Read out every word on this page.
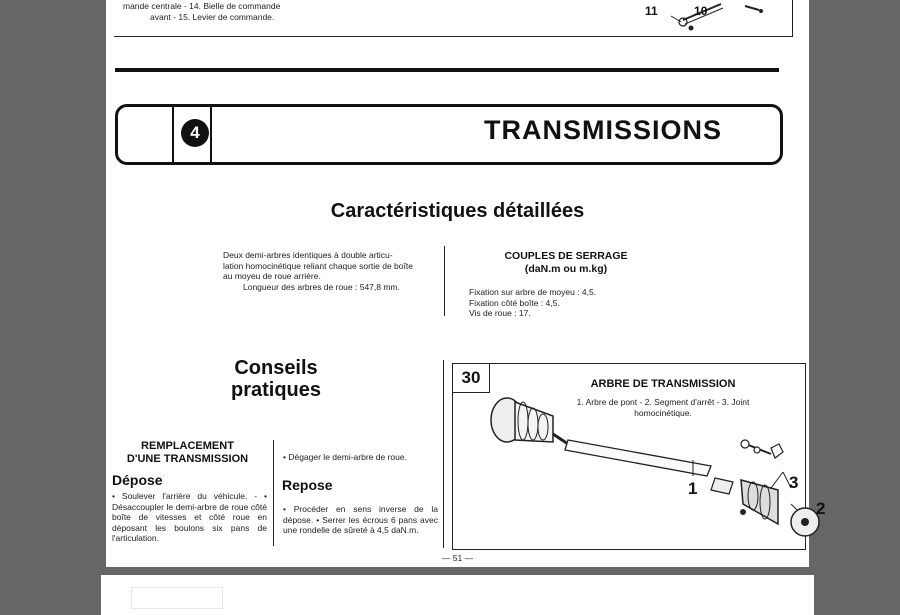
mande centrale - 14. Bielle de commande
avant - 15. Levier de commande.	11	10
4	TRANSMISSIONS
Caractéristiques détaillées
Deux demi-arbres identiques à double articu-
lation homocinétique reliant chaque sortie de boîte
au moyeu de roue arrière.
Longueur des arbres de roue : 547,8 mm.
COUPLES DE SERRAGE
(daN.m ou m.kg)
Fixation sur arbre de moyeu : 4,5.
Fixation côté boîte : 4,5.
Vis de roue : 17.
Conseils
pratiques
REMPLACEMENT
D'UNE TRANSMISSION
Dépose
• Soulever l'arrière du véhicule. - • Désaccoupler le demi-arbre de roue côté boîte de vitesses et côté roue en déposant les boulons six pans de l'articulation.
• Dégager le demi-arbre de roue.
Repose
• Procéder en sens inverse de la dépose. • Serrer les écrous 6 pans avec une rondelle de sûreté à 4,5 daN.m.
1	3
2
30	ARBRE DE TRANSMISSION
1. Arbre de pont - 2. Segment d'arrêt - 3. Joint
homocinétique.
— 51 —
